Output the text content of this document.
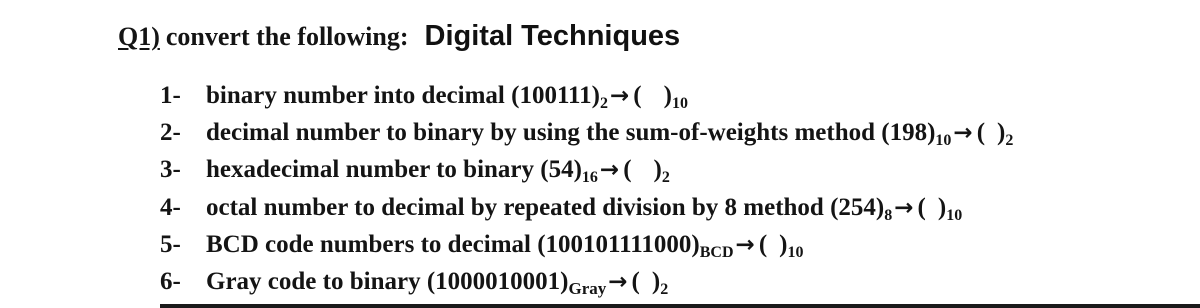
Q1) convert the following: Digital Techniques
1-	binary number into decimal $(100111)_2\to$ ( )$_{10}$
2-	decimal number to binary by using the sum-of-weights method $(198)_{10}\to$ ( )$_2$
3-	hexadecimal number to binary $(54)_{16}\to$ ( )$_2$
4-	octal number to decimal by repeated division by 8 method $(254)_8\to$ ( )$_{10}$
5-	BCD code numbers to decimal $(100101111000)_{BCD}\to$ ( )$_{10}$
6-	Gray code to binary $(1000010001)_{Gray}\to$ ( )$_2$
